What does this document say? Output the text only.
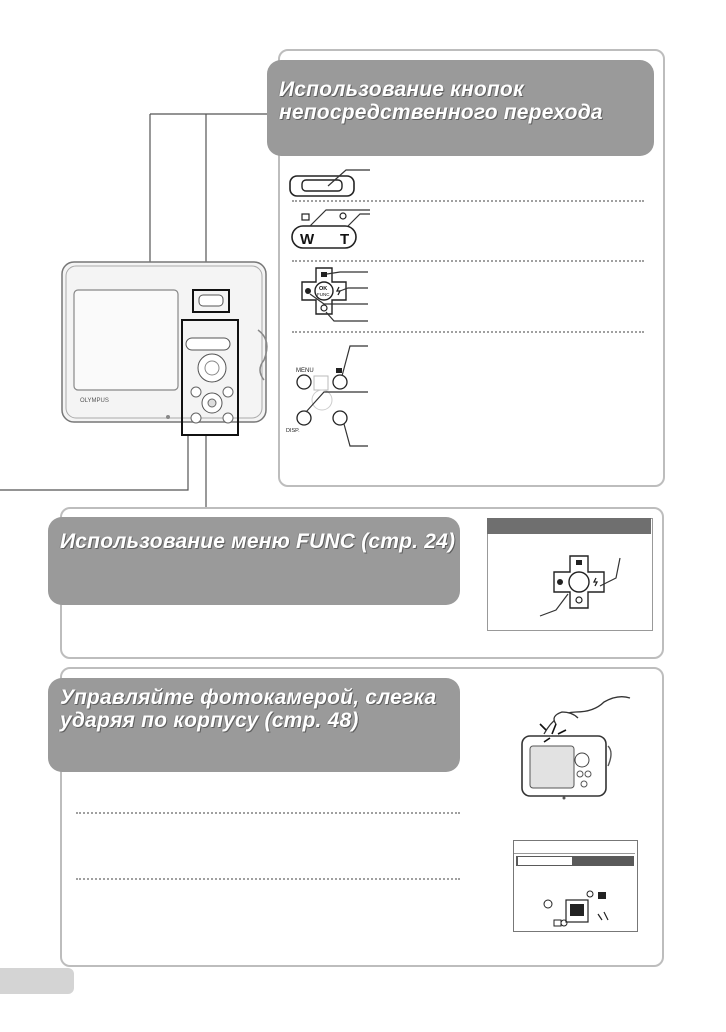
OLYMPUS
Использование кнопок
непосредственного перехода
W T
OK
FUNC
MENU
DISP.
Использование меню FUNC (стр. 24)
Управляйте фотокамерой, слегка
ударяя по корпусу (стр. 48)
